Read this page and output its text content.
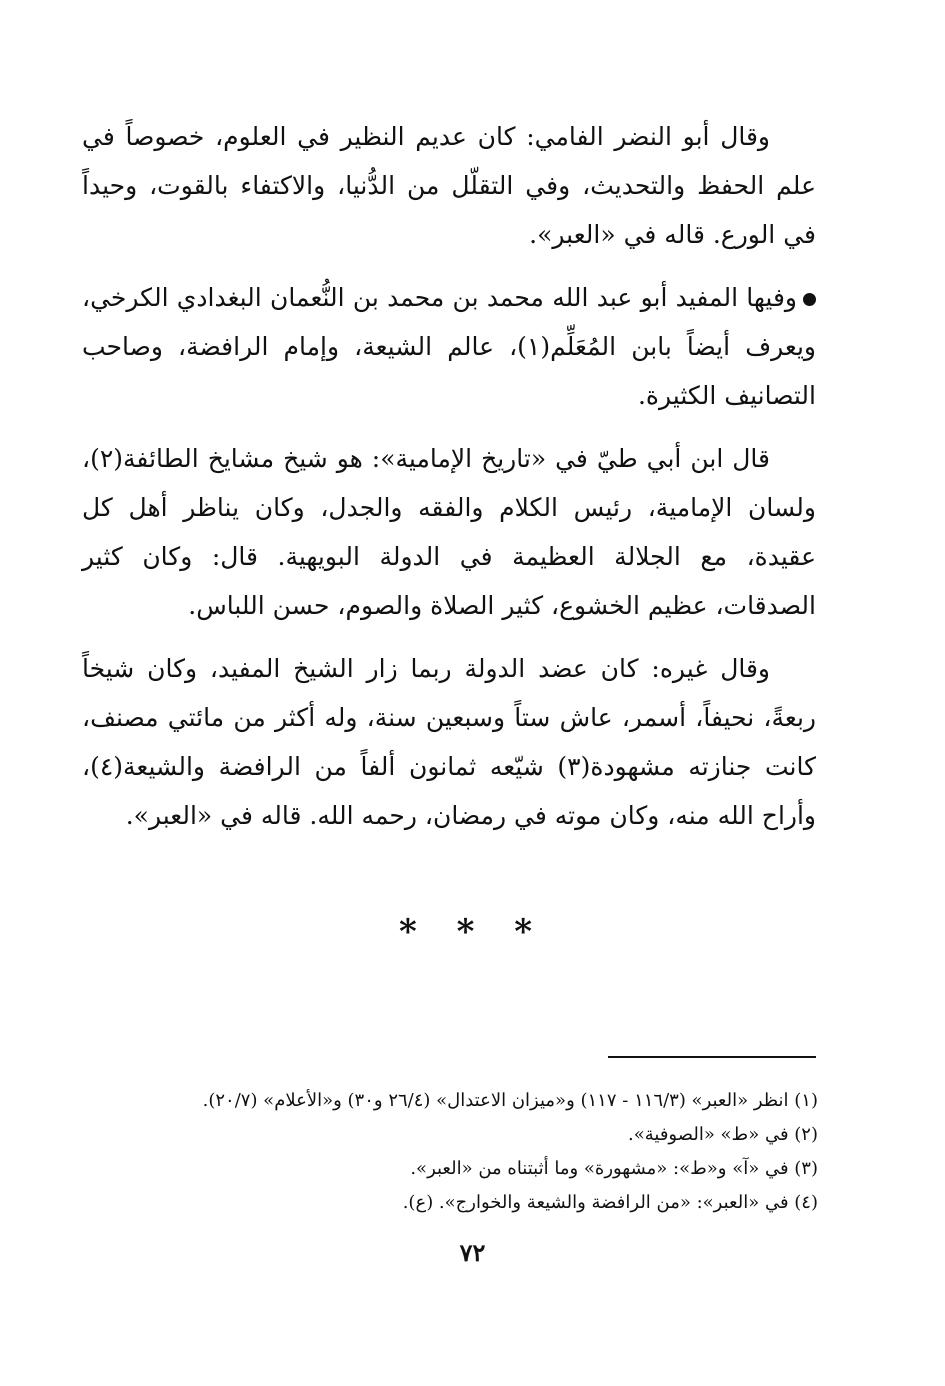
وقال أبو النضر الفامي: كان عديم النظير في العلوم، خصوصاً في علم الحفظ والتحديث، وفي التقلّل من الدُّنيا، والاكتفاء بالقوت، وحيداً في الورع. قاله في «العبر».

وفيها المفيد أبو عبد الله محمد بن محمد بن النُّعمان البغدادي الكرخي، ويعرف أيضاً بابن المُعَلِّم(١)، عالم الشيعة، وإمام الرافضة، وصاحب التصانيف الكثيرة.

قال ابن أبي طيّ في «تاريخ الإمامية»: هو شيخ مشايخ الطائفة(٢)، ولسان الإمامية، رئيس الكلام والفقه والجدل، وكان يناظر أهل كل عقيدة، مع الجلالة العظيمة في الدولة البويهية. قال: وكان كثير الصدقات، عظيم الخشوع، كثير الصلاة والصوم، حسن اللباس.

وقال غيره: كان عضد الدولة ربما زار الشيخ المفيد، وكان شيخاً ربعةً، نحيفاً، أسمر، عاش ستاً وسبعين سنة، وله أكثر من مائتي مصنف، كانت جنازته مشهودة(٣) شيّعه ثمانون ألفاً من الرافضة والشيعة(٤)، وأراح الله منه، وكان موته في رمضان، رحمه الله. قاله في «العبر».

* * *
(١) انظر «العبر» (١١٦/٣ - ١١٧) و«ميزان الاعتدال» (٢٦/٤ و٣٠) و«الأعلام» (٢٠/٧).
(٢) في «ط» «الصوفية».
(٣) في «آ» و«ط»: «مشهورة» وما أثبتناه من «العبر».
(٤) في «العبر»: «من الرافضة والشيعة والخوارج». (ع).
٧٢
